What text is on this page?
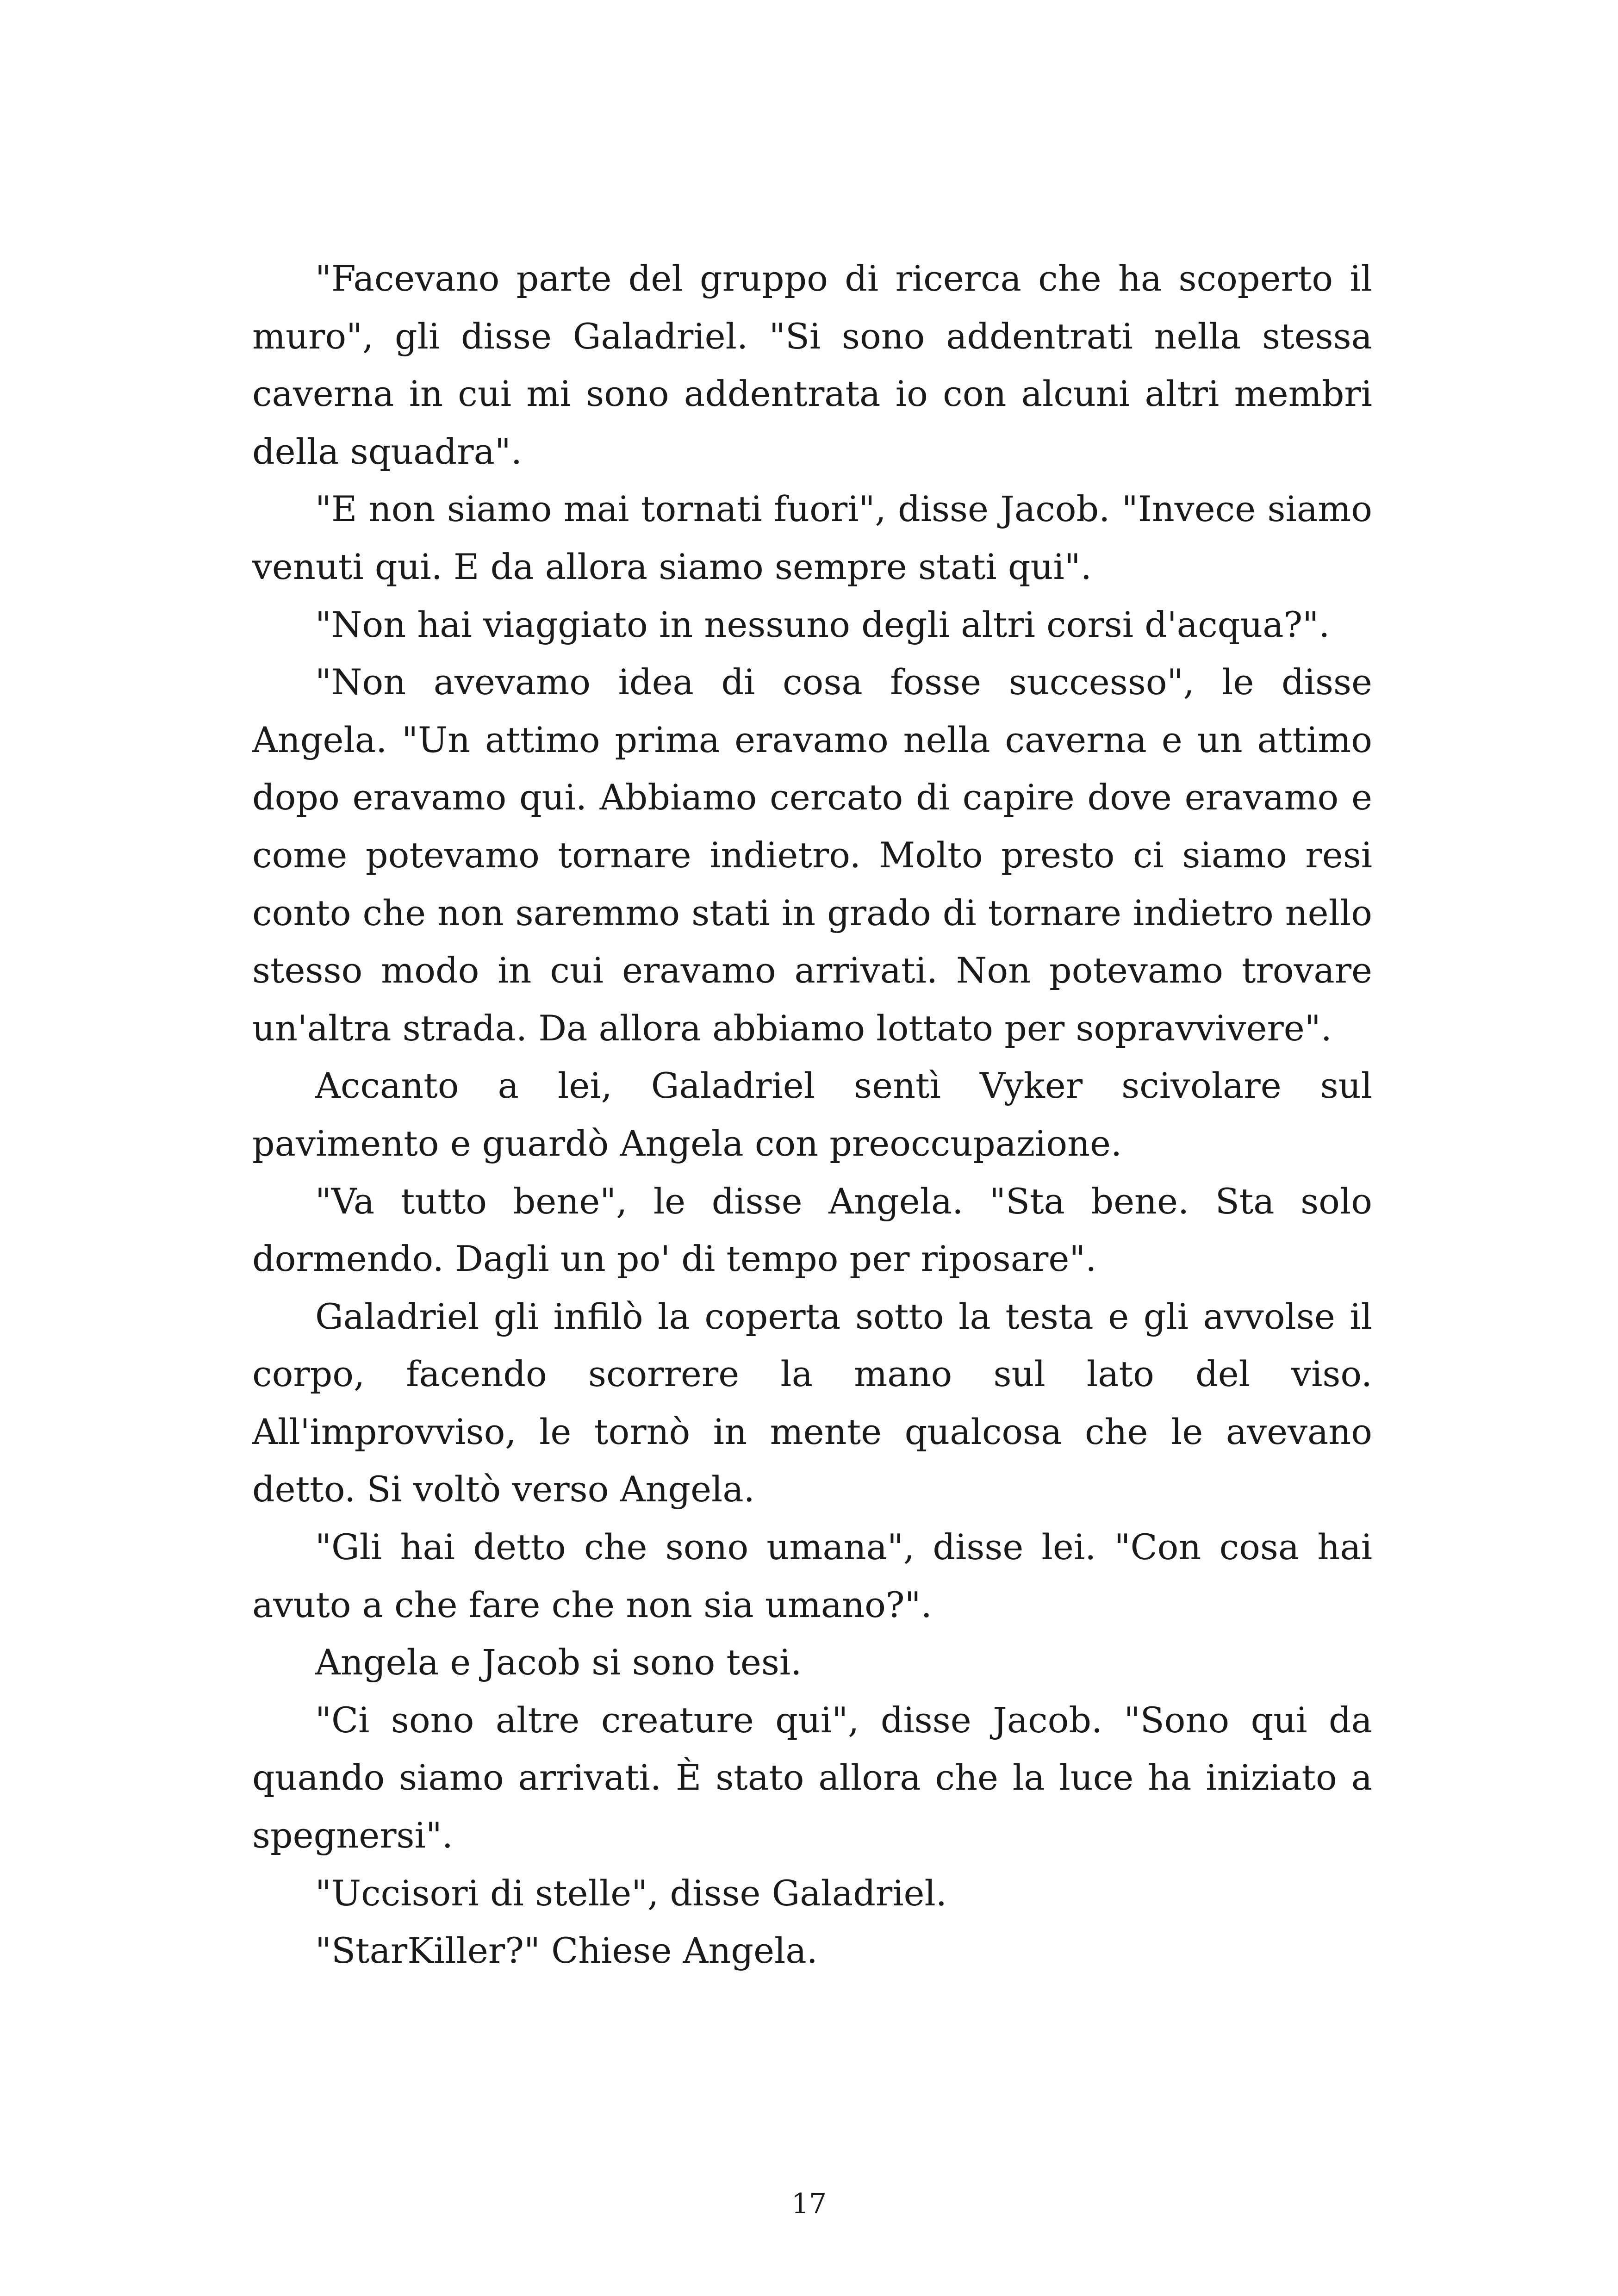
"Facevano parte del gruppo di ricerca che ha scoperto il muro", gli disse Galadriel. "Si sono addentrati nella stessa caverna in cui mi sono addentrata io con alcuni altri membri della squadra".

"E non siamo mai tornati fuori", disse Jacob. "Invece siamo venuti qui. E da allora siamo sempre stati qui".

"Non hai viaggiato in nessuno degli altri corsi d'acqua?".

"Non avevamo idea di cosa fosse successo", le disse Angela. "Un attimo prima eravamo nella caverna e un attimo dopo eravamo qui. Abbiamo cercato di capire dove eravamo e come potevamo tornare indietro. Molto presto ci siamo resi conto che non saremmo stati in grado di tornare indietro nello stesso modo in cui eravamo arrivati. Non potevamo trovare un'altra strada. Da allora abbiamo lottato per sopravvivere".

Accanto a lei, Galadriel sentì Vyker scivolare sul pavimento e guardò Angela con preoccupazione.

"Va tutto bene", le disse Angela. "Sta bene. Sta solo dormendo. Dagli un po' di tempo per riposare".

Galadriel gli infilò la coperta sotto la testa e gli avvolse il corpo, facendo scorrere la mano sul lato del viso. All'improvviso, le tornò in mente qualcosa che le avevano detto. Si voltò verso Angela.

"Gli hai detto che sono umana", disse lei. "Con cosa hai avuto a che fare che non sia umano?".

Angela e Jacob si sono tesi.

"Ci sono altre creature qui", disse Jacob. "Sono qui da quando siamo arrivati. È stato allora che la luce ha iniziato a spegnersi".

"Uccisori di stelle", disse Galadriel.

"StarKiller?" Chiese Angela.

17
